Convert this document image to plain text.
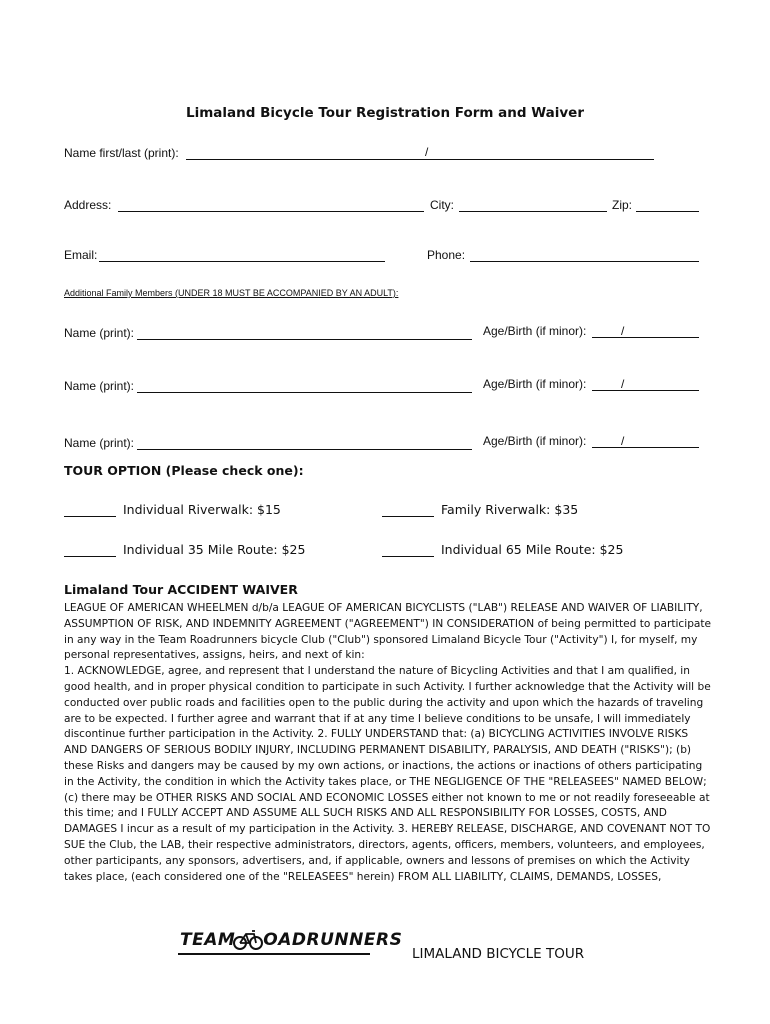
Limaland Bicycle Tour Registration Form and Waiver
Name first/last (print):	/
Address:	City:	Zip:
Email:	Phone:
Additional Family Members (UNDER 18 MUST BE ACCOMPANIED BY AN ADULT):
Name (print):	Age/Birth (if minor):	/
Name (print):	Age/Birth (if minor):	/
Name (print):	Age/Birth (if minor):	/
TOUR OPTION (Please check one):
Individual Riverwalk: $15	Family Riverwalk: $35
Individual 35 Mile Route: $25	Individual 65 Mile Route: $25
Limaland Tour ACCIDENT WAIVER

LEAGUE OF AMERICAN WHEELMEN d/b/a LEAGUE OF AMERICAN BICYCLISTS ("LAB") RELEASE AND WAIVER OF LIABILITY, ASSUMPTION OF RISK, AND INDEMNITY AGREEMENT ("AGREEMENT") IN CONSIDERATION of being permitted to participate in any way in the Team Roadrunners bicycle Club ("Club") sponsored Limaland Bicycle Tour ("Activity") I, for myself, my personal representatives, assigns, heirs, and next of kin:

1. ACKNOWLEDGE, agree, and represent that I understand the nature of Bicycling Activities and that I am qualified, in good health, and in proper physical condition to participate in such Activity. I further acknowledge that the Activity will be conducted over public roads and facilities open to the public during the activity and upon which the hazards of traveling are to be expected. I further agree and warrant that if at any time I believe conditions to be unsafe, I will immediately discontinue further participation in the Activity. 2. FULLY UNDERSTAND that: (a) BICYCLING ACTIVITIES INVOLVE RISKS AND DANGERS OF SERIOUS BODILY INJURY, INCLUDING PERMANENT DISABILITY, PARALYSIS, AND DEATH ("RISKS"); (b) these Risks and dangers may be caused by my own actions, or inactions, the actions or inactions of others participating in the Activity, the condition in which the Activity takes place, or THE NEGLIGENCE OF THE "RELEASEES" NAMED BELOW; (c) there may be OTHER RISKS AND SOCIAL AND ECONOMIC LOSSES either not known to me or not readily foreseeable at this time; and I FULLY ACCEPT AND ASSUME ALL SUCH RISKS AND ALL RESPONSIBILITY FOR LOSSES, COSTS, AND DAMAGES I incur as a result of my participation in the Activity. 3. HEREBY RELEASE, DISCHARGE, AND COVENANT NOT TO SUE the Club, the LAB, their respective administrators, directors, agents, officers, members, volunteers, and employees, other participants, any sponsors, advertisers, and, if applicable, owners and lessons of premises on which the Activity takes place, (each considered one of the "RELEASEES" herein) FROM ALL LIABILITY, CLAIMS, DEMANDS, LOSSES,

TEAM OADRUNNERS
LIMALAND BICYCLE TOUR
